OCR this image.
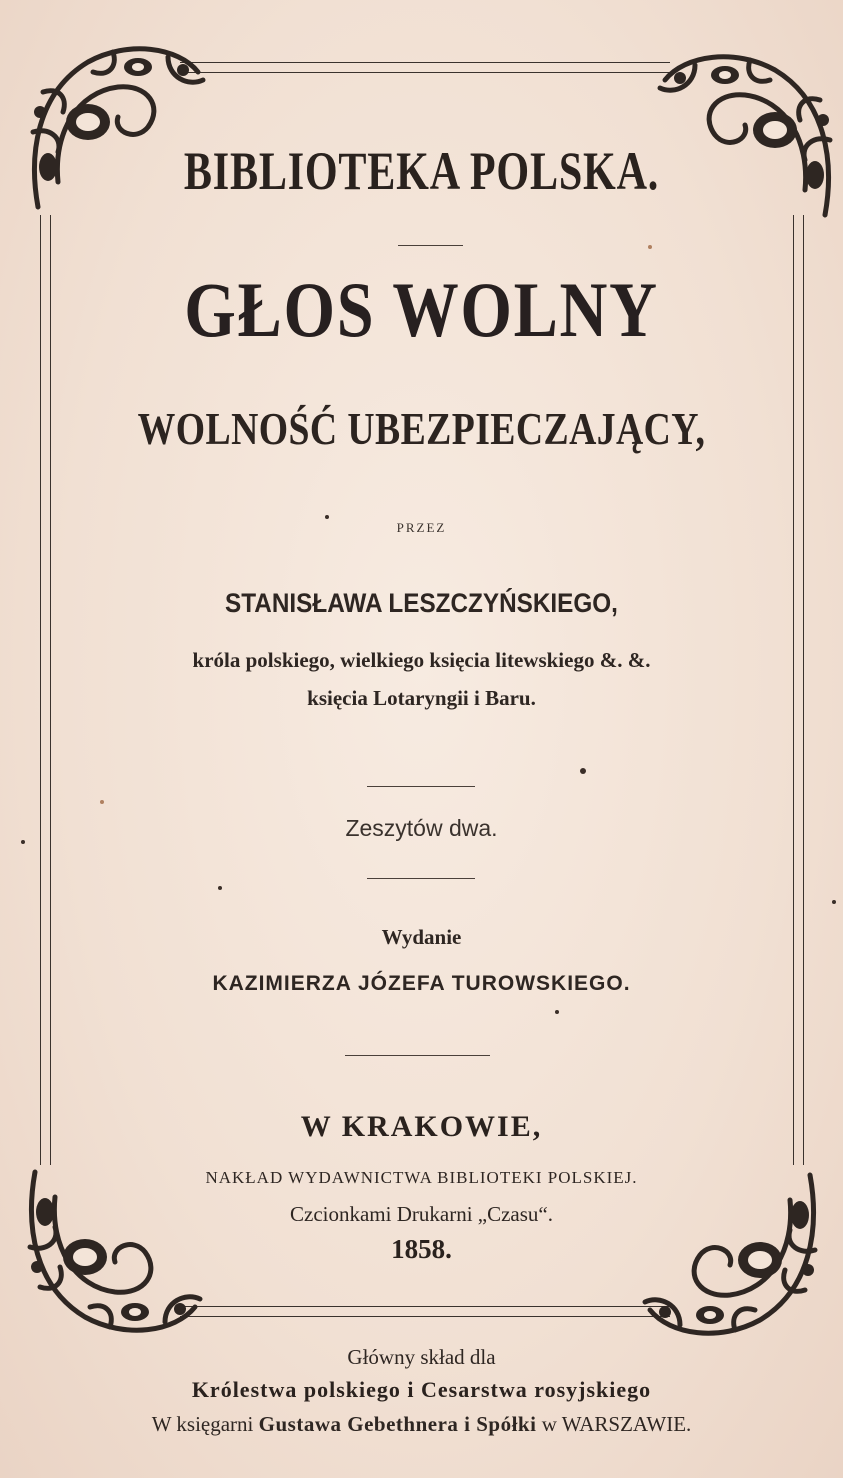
BIBLIOTEKA POLSKA.
GŁOS WOLNY
WOLNOŚĆ UBEZPIECZAJĄCY,
PRZEZ
STANISŁAWA LESZCZYŃSKIEGO,
króla polskiego, wielkiego księcia litewskiego &. &.
księcia Lotaryngii i Baru.
Zeszytów dwa.
Wydanie
KAZIMIERZA JÓZEFA TUROWSKIEGO.
W KRAKOWIE,
NAKŁAD WYDAWNICTWA BIBLIOTEKI POLSKIEJ.
Czcionkami Drukarni „Czasu“.
1858.
Główny skład dla
Królestwa polskiego i Cesarstwa rosyjskiego
W księgarni Gustawa Gebethnera i Spółki w WARSZAWIE.
